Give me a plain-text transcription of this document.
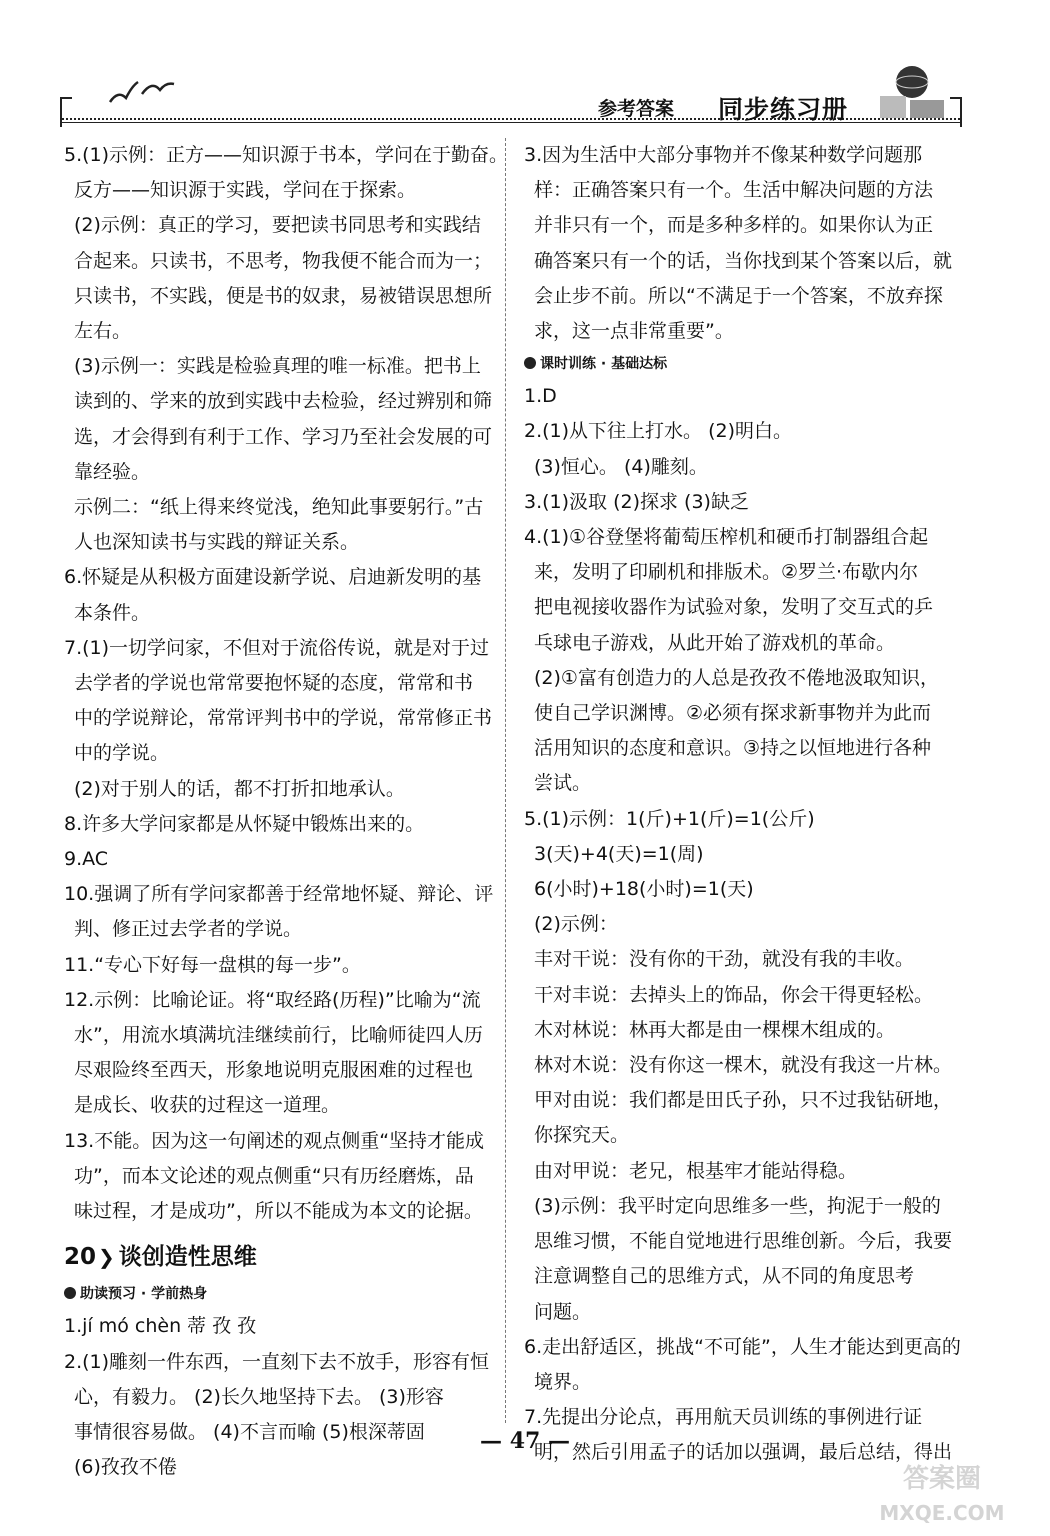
参考答案 同步练习册
5.(1)示例：正方——知识源于书本，学问在于勤奋。
反方——知识源于实践，学问在于探索。
(2)示例：真正的学习，要把读书同思考和实践结
合起来。只读书，不思考，物我便不能合而为一；
只读书，不实践，便是书的奴隶，易被错误思想所
左右。
(3)示例一：实践是检验真理的唯一标准。把书上
读到的、学来的放到实践中去检验，经过辨别和筛
选，才会得到有利于工作、学习乃至社会发展的可
靠经验。
示例二：“纸上得来终觉浅，绝知此事要躬行。”古
人也深知读书与实践的辩证关系。
6.怀疑是从积极方面建设新学说、启迪新发明的基
本条件。
7.(1)一切学问家，不但对于流俗传说，就是对于过
去学者的学说也常常要抱怀疑的态度，常常和书
中的学说辩论，常常评判书中的学说，常常修正书
中的学说。
(2)对于别人的话，都不打折扣地承认。
8.许多大学问家都是从怀疑中锻炼出来的。
9.AC
10.强调了所有学问家都善于经常地怀疑、辩论、评
判、修正过去学者的学说。
11.“专心下好每一盘棋的每一步”。
12.示例：比喻论证。将“取经路(历程)”比喻为“流
水”，用流水填满坑洼继续前行，比喻师徒四人历
尽艰险终至西天，形象地说明克服困难的过程也
是成长、收获的过程这一道理。
13.不能。因为这一句阐述的观点侧重“坚持才能成
功”，而本文论述的观点侧重“只有历经磨炼，品
味过程，才是成功”，所以不能成为本文的论据。
20 ❯ 谈创造性思维
助读预习 · 学前热身
1.jí mó chèn 蒂 孜 孜
2.(1)雕刻一件东西，一直刻下去不放手，形容有恒
心，有毅力。 (2)长久地坚持下去。 (3)形容
事情很容易做。 (4)不言而喻 (5)根深蒂固
(6)孜孜不倦
3.因为生活中大部分事物并不像某种数学问题那
样：正确答案只有一个。生活中解决问题的方法
并非只有一个，而是多种多样的。如果你认为正
确答案只有一个的话，当你找到某个答案以后，就
会止步不前。所以“不满足于一个答案，不放弃探
求，这一点非常重要”。
课时训练 · 基础达标
1.D
2.(1)从下往上打水。 (2)明白。
(3)恒心。 (4)雕刻。
3.(1)汲取 (2)探求 (3)缺乏
4.(1)①谷登堡将葡萄压榨机和硬币打制器组合起
来，发明了印刷机和排版术。②罗兰·布歇内尔
把电视接收器作为试验对象，发明了交互式的乒
乓球电子游戏，从此开始了游戏机的革命。
(2)①富有创造力的人总是孜孜不倦地汲取知识，
使自己学识渊博。②必须有探求新事物并为此而
活用知识的态度和意识。③持之以恒地进行各种
尝试。
5.(1)示例：1(斤)+1(斤)=1(公斤)
3(天)+4(天)=1(周)
6(小时)+18(小时)=1(天)
(2)示例：
丰对干说：没有你的干劲，就没有我的丰收。
干对丰说：去掉头上的饰品，你会干得更轻松。
木对林说：林再大都是由一棵棵木组成的。
林对木说：没有你这一棵木，就没有我这一片林。
甲对由说：我们都是田氏子孙，只不过我钻研地，
你探究天。
由对甲说：老兄，根基牢才能站得稳。
(3)示例：我平时定向思维多一些，拘泥于一般的
思维习惯，不能自觉地进行思维创新。今后，我要
注意调整自己的思维方式，从不同的角度思考
问题。
6.走出舒适区，挑战“不可能”，人生才能达到更高的
境界。
7.先提出分论点，再用航天员训练的事例进行证
明，然后引用孟子的话加以强调，最后总结，得出
— 47 —
答案圈
MXQE.COM
